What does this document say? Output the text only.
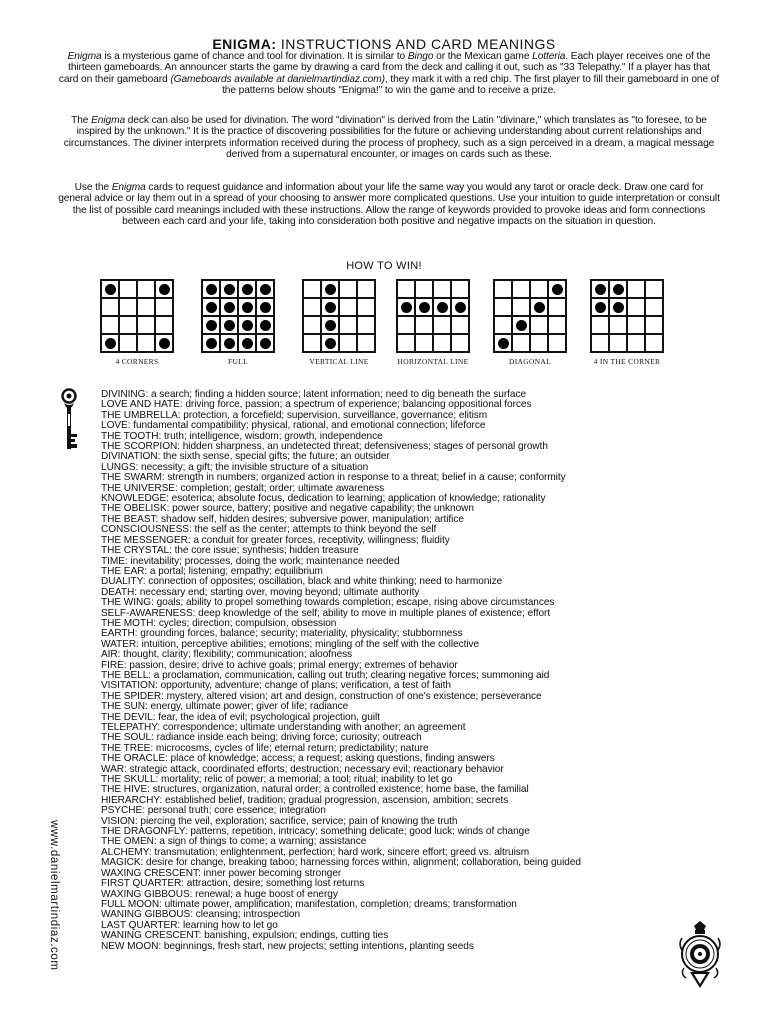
ENIGMA: INSTRUCTIONS AND CARD MEANINGS
Enigma is a mysterious game of chance and tool for divination. It is similar to Bingo or the Mexican game Lotteria. Each player receives one of the thirteen gameboards. An announcer starts the game by drawing a card from the deck and calling it out, such as "33 Telepathy." If a player has that card on their gameboard (Gameboards available at danielmartindiaz.com), they mark it with a red chip. The first player to fill their gameboard in one of the patterns below shouts "Enigma!" to win the game and to receive a prize.
The Enigma deck can also be used for divination. The word "divination" is derived from the Latin "divinare," which translates as "to foresee, to be inspired by the unknown." It is the practice of discovering possibilities for the future or achieving understanding about current relationships and circumstances. The diviner interprets information received during the process of prophecy, such as a sign perceived in a dream, a magical message derived from a supernatural encounter, or images on cards such as these.
Use the Enigma cards to request guidance and information about your life the same way you would any tarot or oracle deck. Draw one card for general advice or lay them out in a spread of your choosing to answer more complicated questions. Use your intuition to guide interpretation or consult the list of possible card meanings included with these instructions. Allow the range of keywords provided to provoke ideas and form connections between each card and your life, taking into consideration both positive and negative impacts on the situation in question.
HOW TO WIN!
4 CORNERS	FULL	VERTICAL LINE	HORIZONTAL LINE	DIAGONAL	4 IN THE CORNER
DIVINING: a search; finding a hidden source; latent information; need to dig beneath the surface
LOVE AND HATE: driving force, passion; a spectrum of experience; balancing oppositional forces
THE UMBRELLA: protection, a forcefield; supervision, surveillance, governance; elitism
LOVE: fundamental compatibility; physical, rational, and emotional connection; lifeforce
THE TOOTH: truth; intelligence, wisdom; growth, independence
THE SCORPION: hidden sharpness, an undetected threat; defensiveness; stages of personal growth
DIVINATION: the sixth sense, special gifts; the future; an outsider
LUNGS: necessity; a gift; the invisible structure of a situation
THE SWARM: strength in numbers; organized action in response to a threat; belief in a cause; conformity
THE UNIVERSE: completion; gestalt; order; ultimate awareness
KNOWLEDGE: esoterica; absolute focus, dedication to learning; application of knowledge; rationality
THE OBELISK: power source, battery; positive and negative capability; the unknown
THE BEAST: shadow self, hidden desires; subversive power, manipulation; artifice
CONSCIOUSNESS: the self as the center; attempts to think beyond the self
THE MESSENGER: a conduit for greater forces, receptivity, willingness; fluidity
THE CRYSTAL: the core issue; synthesis; hidden treasure
TIME: inevitability; processes, doing the work; maintenance needed
THE EAR: a portal; listening; empathy; equilibrium
DUALITY: connection of opposites; oscillation, black and white thinking; need to harmonize
DEATH: necessary end; starting over, moving beyond; ultimate authority
THE WING: goals; ability to propel something towards completion; escape, rising above circumstances
SELF-AWARENESS: deep knowledge of the self; ability to move in multiple planes of existence; effort
THE MOTH: cycles; direction; compulsion, obsession
EARTH: grounding forces, balance; security; materiality, physicality; stubbornness
WATER: intuition, perceptive abilities; emotions; mingling of the self with the collective
AIR: thought, clarity; flexibility; communication; aloofness
FIRE: passion, desire; drive to achive goals; primal energy; extremes of behavior
THE BELL: a proclamation, communication, calling out truth; clearing negative forces; summoning aid
VISITATION: opportunity, adventure; change of plans; verification, a test of faith
THE SPIDER: mystery, altered vision; art and design, construction of one's existence; perseverance
THE SUN: energy, ultimate power; giver of life; radiance
THE DEVIL: fear, the idea of evil; psychological projection, guilt
TELEPATHY: correspondence; ultimate understanding with another; an agreement
THE SOUL: radiance inside each being; driving force; curiosity; outreach
THE TREE: microcosms, cycles of life; eternal return; predictability; nature
THE ORACLE: place of knowledge; access; a request; asking questions, finding answers
WAR: strategic attack, coordinated efforts; destruction; necessary evil; reactionary behavior
THE SKULL: mortality; relic of power; a memorial; a tool; ritual; inability to let go
THE HIVE: structures, organization, natural order; a controlled existence; home base, the familial
HIERARCHY: established belief, tradition; gradual progression, ascension, ambition; secrets
PSYCHE: personal truth; core essence; integration
VISION: piercing the veil, exploration; sacrifice, service; pain of knowing the truth
THE DRAGONFLY: patterns, repetition, intricacy; something delicate; good luck; winds of change
THE OMEN: a sign of things to come; a warning; assistance
ALCHEMY: transmutation; enlightenment, perfection; hard work, sincere effort; greed vs. altruism
MAGICK: desire for change, breaking taboo; harnessing forces within, alignment; collaboration, being guided
WAXING CRESCENT: inner power becoming stronger
FIRST QUARTER: attraction, desire; something lost returns
WAXING GIBBOUS: renewal; a huge boost of energy
FULL MOON: ultimate power, amplification; manifestation, completion; dreams; transformation
WANING GIBBOUS: cleansing; introspection
LAST QUARTER: learning how to let go
WANING CRESCENT: banishing, expulsion; endings, cutting ties
NEW MOON: beginnings, fresh start, new projects; setting intentions, planting seeds
www.danielmartindiaz.com
